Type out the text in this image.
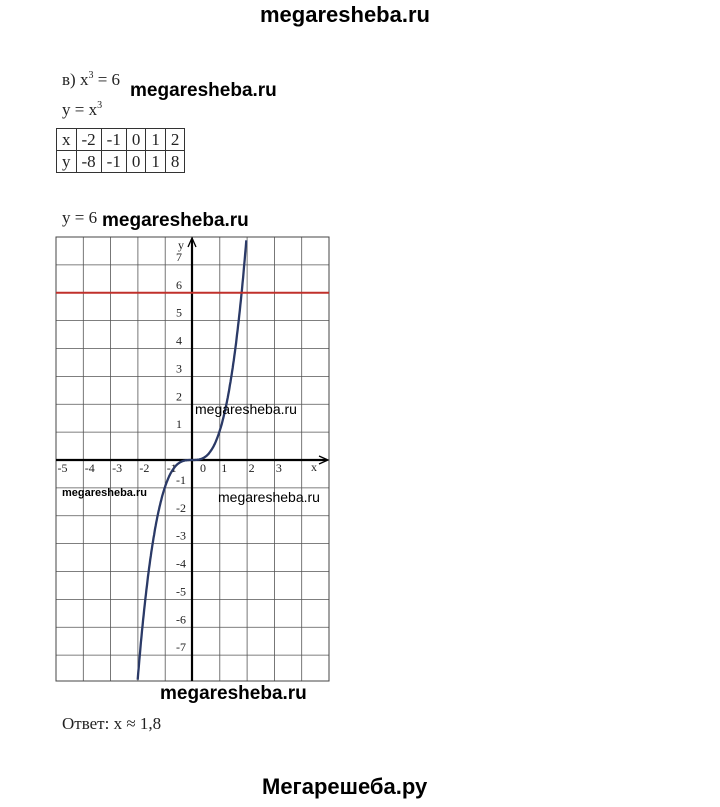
megaresheba.ru
в) $x^3 = 6$
megaresheba.ru
$y = x^3$
x	-2	-1	0	1	2
y	-8	-1	0	1	8
y = 6 megaresheba.ru
x
y
-5 -4 -3 -2 -1 0 1 2 3
7
6
5
4
3
2
1
-1
-2
-3
-4
-5
-6
-7
megaresheba.ru
megaresheba.ru	megaresheba.ru
megaresheba.ru
Ответ: x ≈ 1,8
Мегарешеба.ру
